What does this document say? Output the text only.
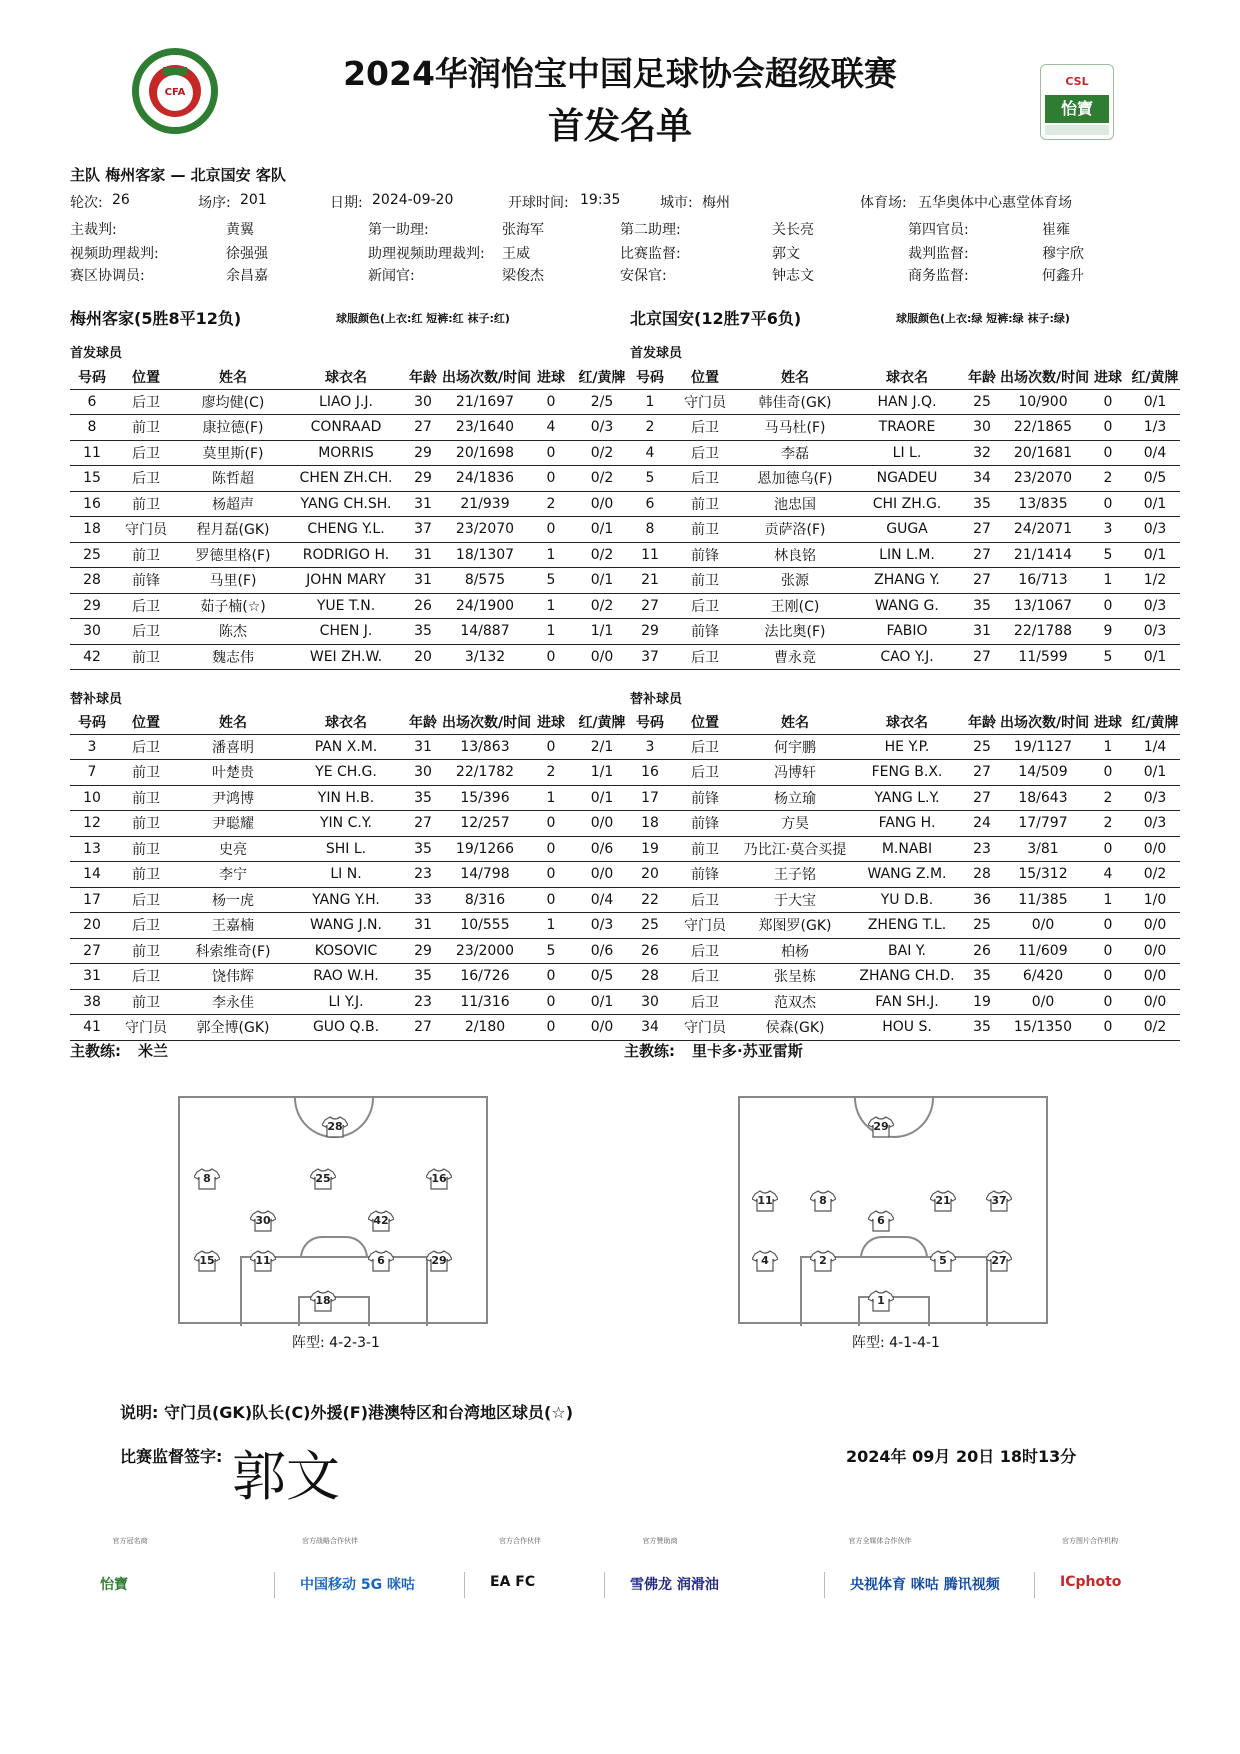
CFA
CSL
怡寶
2024华润怡宝中国足球协会超级联赛
首发名单
主队 梅州客家 — 北京国安 客队
轮次: 26	场序: 201	日期: 2024-09-20	开球时间: 19:35	城市: 梅州	体育场: 五华奥体中心惠堂体育场
主裁判:	黄翼	第一助理:	张海军	第二助理:	关长亮	第四官员:	崔雍
视频助理裁判:	徐强强	助理视频助理裁判: 王威	比赛监督:	郭文	裁判监督:	穆宇欣
赛区协调员:	余昌嘉	新闻官:	梁俊杰	安保官:	钟志文	商务监督:	何鑫升
梅州客家(5胜8平12负)	球服颜色(上衣:红 短裤:红 袜子:红)	北京国安(12胜7平6负)	球服颜色(上衣:绿 短裤:绿 袜子:绿)
首发球员	首发球员
替补球员	替补球员
号码	位置	姓名	球衣名	年龄	出场次数/时间	进球	红/黄牌
6	后卫	廖均健(C)	LIAO J.J.	30	21/1697	0	2/5
8	前卫	康拉德(F)	CONRAAD	27	23/1640	4	0/3
11	后卫	莫里斯(F)	MORRIS	29	20/1698	0	0/2
15	后卫	陈哲超	CHEN ZH.CH.	29	24/1836	0	0/2
16	前卫	杨超声	YANG CH.SH.	31	21/939	2	0/0
18	守门员	程月磊(GK)	CHENG Y.L.	37	23/2070	0	0/1
25	前卫	罗德里格(F)	RODRIGO H.	31	18/1307	1	0/2
28	前锋	马里(F)	JOHN MARY	31	8/575	5	0/1
29	后卫	茹子楠(☆)	YUE T.N.	26	24/1900	1	0/2
30	后卫	陈杰	CHEN J.	35	14/887	1	1/1
42	前卫	魏志伟	WEI ZH.W.	20	3/132	0	0/0
号码	位置	姓名	球衣名	年龄	出场次数/时间	进球	红/黄牌
1	守门员	韩佳奇(GK)	HAN J.Q.	25	10/900	0	0/1
2	后卫	马马杜(F)	TRAORE	30	22/1865	0	1/3
4	后卫	李磊	LI L.	32	20/1681	0	0/4
5	后卫	恩加德乌(F)	NGADEU	34	23/2070	2	0/5
6	前卫	池忠国	CHI ZH.G.	35	13/835	0	0/1
8	前卫	贡萨洛(F)	GUGA	27	24/2071	3	0/3
11	前锋	林良铭	LIN L.M.	27	21/1414	5	0/1
21	前卫	张源	ZHANG Y.	27	16/713	1	1/2
27	后卫	王刚(C)	WANG G.	35	13/1067	0	0/3
29	前锋	法比奥(F)	FABIO	31	22/1788	9	0/3
37	后卫	曹永竞	CAO Y.J.	27	11/599	5	0/1
号码	位置	姓名	球衣名	年龄	出场次数/时间	进球	红/黄牌
3	后卫	潘喜明	PAN X.M.	31	13/863	0	2/1
7	前卫	叶楚贵	YE CH.G.	30	22/1782	2	1/1
10	前卫	尹鸿博	YIN H.B.	35	15/396	1	0/1
12	前卫	尹聪耀	YIN C.Y.	27	12/257	0	0/0
13	前卫	史亮	SHI L.	35	19/1266	0	0/6
14	前卫	李宁	LI N.	23	14/798	0	0/0
17	后卫	杨一虎	YANG Y.H.	33	8/316	0	0/4
20	后卫	王嘉楠	WANG J.N.	31	10/555	1	0/3
27	前卫	科索维奇(F)	KOSOVIC	29	23/2000	5	0/6
31	后卫	饶伟辉	RAO W.H.	35	16/726	0	0/5
38	前卫	李永佳	LI Y.J.	23	11/316	0	0/1
41	守门员	郭全博(GK)	GUO Q.B.	27	2/180	0	0/0
号码	位置	姓名	球衣名	年龄	出场次数/时间	进球	红/黄牌
3	后卫	何宇鹏	HE Y.P.	25	19/1127	1	1/4
16	后卫	冯博轩	FENG B.X.	27	14/509	0	0/1
17	前锋	杨立瑜	YANG L.Y.	27	18/643	2	0/3
18	前锋	方昊	FANG H.	24	17/797	2	0/3
19	前卫	乃比江·莫合买提	M.NABI	23	3/81	0	0/0
20	前锋	王子铭	WANG Z.M.	28	15/312	4	0/2
22	后卫	于大宝	YU D.B.	36	11/385	1	1/0
25	守门员	郑图罗(GK)	ZHENG T.L.	25	0/0	0	0/0
26	后卫	柏杨	BAI Y.	26	11/609	0	0/0
28	后卫	张呈栋	ZHANG CH.D.	35	6/420	0	0/0
30	后卫	范双杰	FAN SH.J.	19	0/0	0	0/0
34	守门员	侯森(GK)	HOU S.	35	15/1350	0	0/2
主教练: 米兰	主教练: 里卡多·苏亚雷斯
28
8	25	16
30	42
15	11	6	29
18
29
11	8	21	37
6
4	2	5	27
1
阵型: 4-2-3-1	阵型: 4-1-4-1
说明: 守门员(GK)队长(C)外援(F)港澳特区和台湾地区球员(☆)
比赛监督签字: 郭文	2024年 09月 20日 18时13分
官方冠名商
怡寶
官方战略合作伙伴
中国移动 5G 咪咕
官方合作伙伴
EA FC
官方赞助商
雪佛龙 润滑油
官方全媒体合作伙伴
央视体育 咪咕 腾讯视频
官方图片合作机构
ICphoto
